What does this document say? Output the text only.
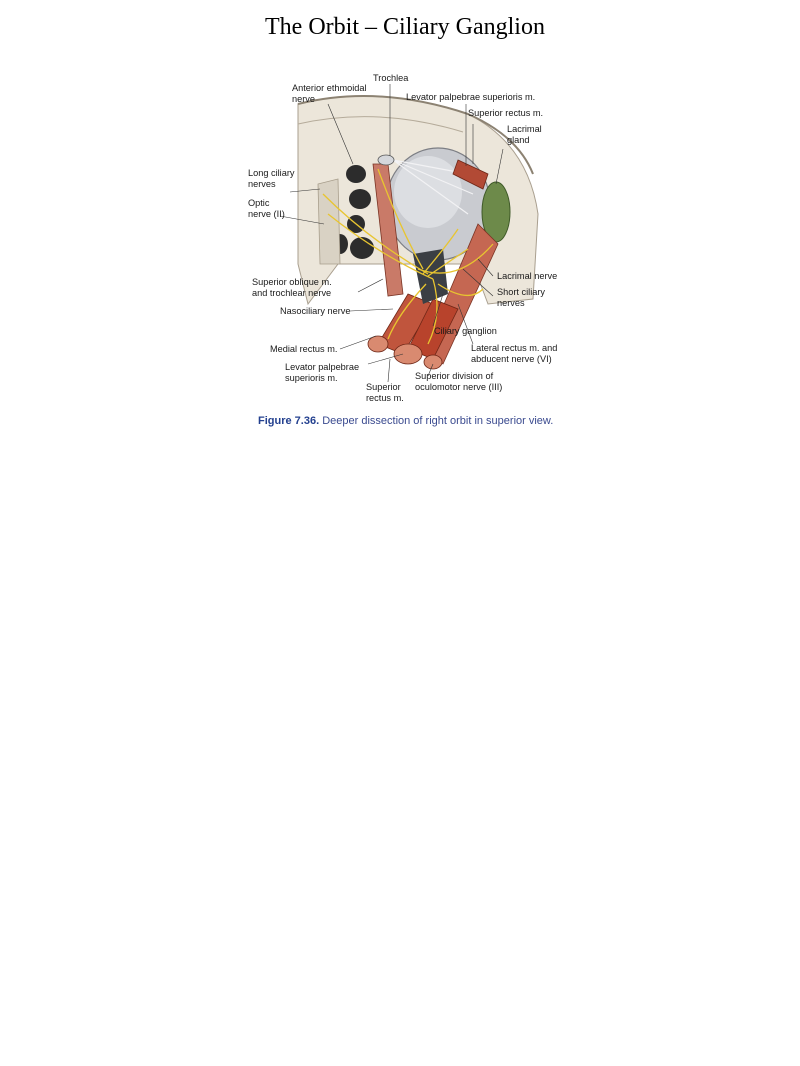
The Orbit – Ciliary Ganglion
Trochlea
Anterior ethmoidal
nerve	Levator palpebrae superioris m.
Superior rectus m.
Lacrimal
gland
Long ciliary
nerves
Optic
nerve (II)
Lacrimal nerve
Short ciliary
nerves
Superior oblique m.
and trochlear nerve
Nasociliary nerve
Ciliary ganglion
Lateral rectus m. and
abducent nerve (VI)
Medial rectus m.
Levator palpebrae
superioris m.	Superior division of
oculomotor nerve (III)
Superior
rectus m.
Figure 7.36. Deeper dissection of right orbit in superior view.
